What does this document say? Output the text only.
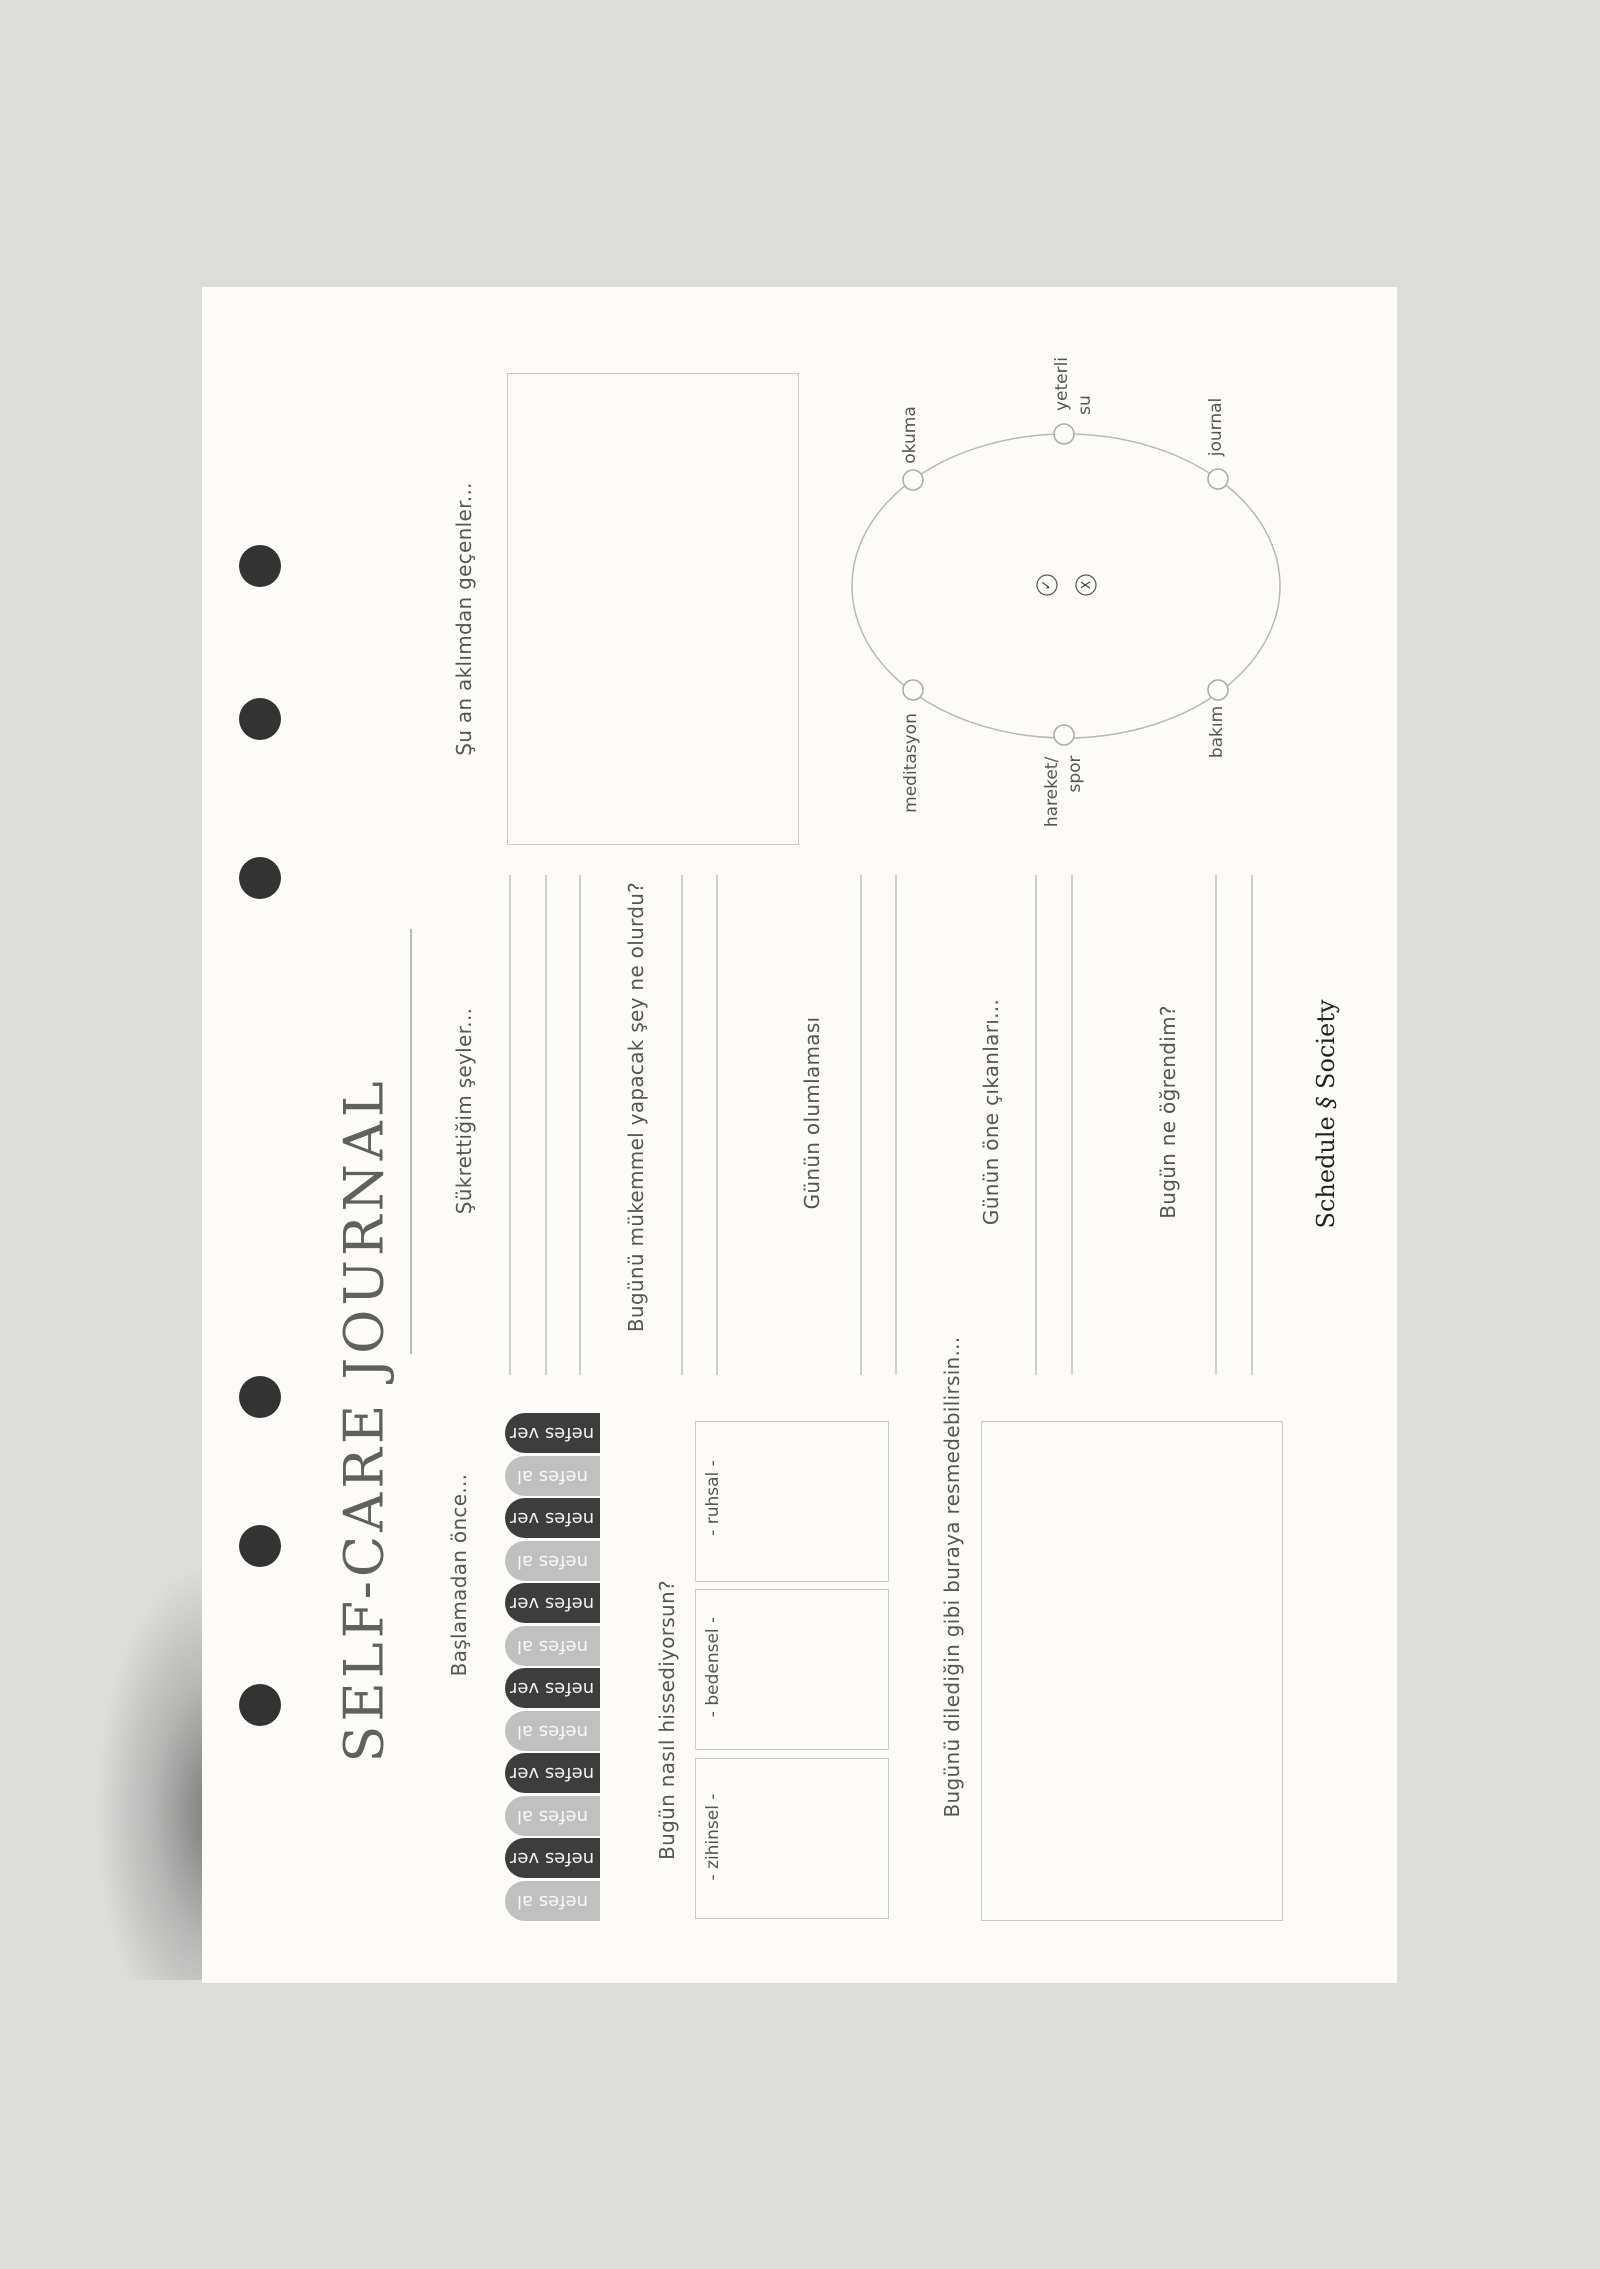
SELF-CARE JOURNAL
Şu an aklımdan geçenler...
Şükrettiğim şeyler...	Bugünü mükemmel yapacak şey ne olurdu?	Günün olumlaması	Günün öne çıkanları...	Bugün ne öğrendim?	Schedule § Society
Başlamadan önce...
nefes ver
nefes al
nefes ver
nefes al
nefes ver
nefes al
nefes ver
nefes al
nefes ver
nefes al
nefes ver
nefes al
Bugün nasıl hissediyorsun?
- ruhsal -
- bedensel -
- zihinsel -
Bugünü dilediğin gibi buraya resmedebilirsin...
✓ X
okuma
yeterli su	journal
meditasyon	hareket/ spor
bakım
